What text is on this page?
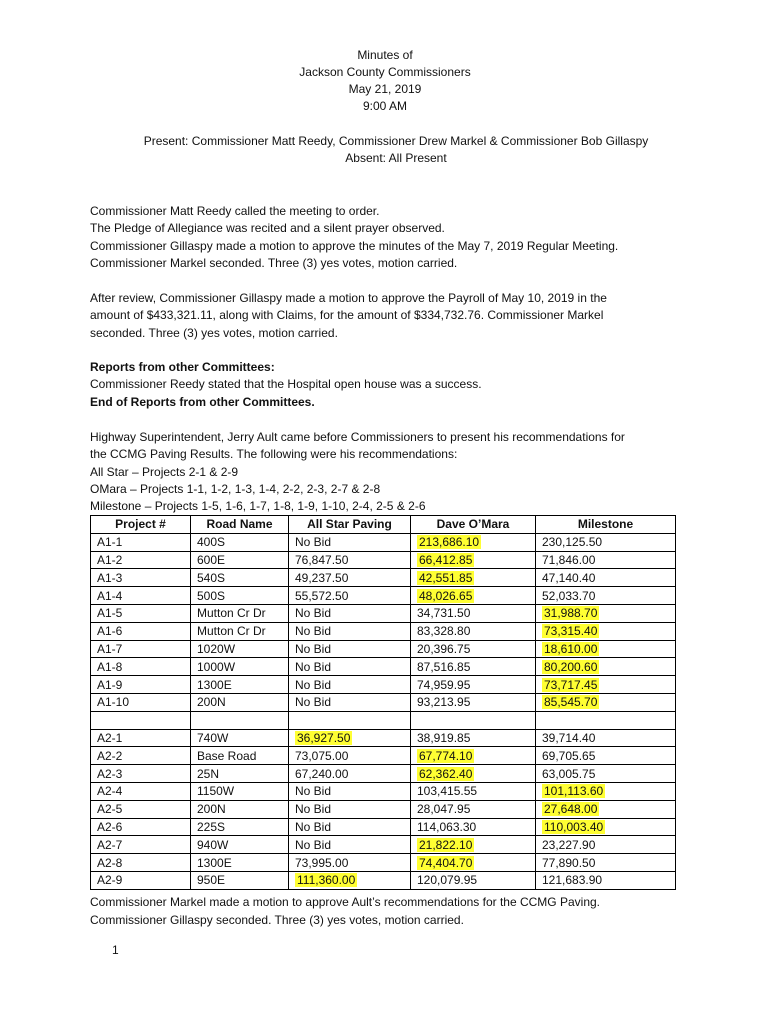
Minutes of
Jackson County Commissioners
May 21, 2019
9:00 AM
Present: Commissioner Matt Reedy, Commissioner Drew Markel & Commissioner Bob Gillaspy
Absent: All Present
Commissioner Matt Reedy called the meeting to order.
The Pledge of Allegiance was recited and a silent prayer observed.
Commissioner Gillaspy made a motion to approve the minutes of the May 7, 2019 Regular Meeting.
Commissioner Markel seconded. Three (3) yes votes, motion carried.
After review, Commissioner Gillaspy made a motion to approve the Payroll of May 10, 2019 in the
amount of $433,321.11, along with Claims, for the amount of $334,732.76. Commissioner Markel
seconded. Three (3) yes votes, motion carried.
Reports from other Committees:
Commissioner Reedy stated that the Hospital open house was a success.
End of Reports from other Committees.
Highway Superintendent, Jerry Ault came before Commissioners to present his recommendations for
the CCMG Paving Results. The following were his recommendations:
All Star – Projects 2-1 & 2-9
OMara – Projects 1-1, 1-2, 1-3, 1-4, 2-2, 2-3, 2-7 & 2-8
Milestone – Projects 1-5, 1-6, 1-7, 1-8, 1-9, 1-10, 2-4, 2-5 & 2-6
Project #	Road Name	All Star Paving	Dave O’Mara	Milestone
A1-1	400S	No Bid	213,686.10	230,125.50
A1-2	600E	76,847.50	66,412.85	71,846.00
A1-3	540S	49,237.50	42,551.85	47,140.40
A1-4	500S	55,572.50	48,026.65	52,033.70
A1-5	Mutton Cr Dr	No Bid	34,731.50	31,988.70
A1-6	Mutton Cr Dr	No Bid	83,328.80	73,315.40
A1-7	1020W	No Bid	20,396.75	18,610.00
A1-8	1000W	No Bid	87,516.85	80,200.60
A1-9	1300E	No Bid	74,959.95	73,717.45
A1-10	200N	No Bid	93,213.95	85,545.70

A2-1	740W	36,927.50	38,919.85	39,714.40
A2-2	Base Road	73,075.00	67,774.10	69,705.65
A2-3	25N	67,240.00	62,362.40	63,005.75
A2-4	1150W	No Bid	103,415.55	101,113.60
A2-5	200N	No Bid	28,047.95	27,648.00
A2-6	225S	No Bid	114,063.30	110,003.40
A2-7	940W	No Bid	21,822.10	23,227.90
A2-8	1300E	73,995.00	74,404.70	77,890.50
A2-9	950E	111,360.00	120,079.95	121,683.90
Commissioner Markel made a motion to approve Ault’s recommendations for the CCMG Paving.
Commissioner Gillaspy seconded. Three (3) yes votes, motion carried.
1
